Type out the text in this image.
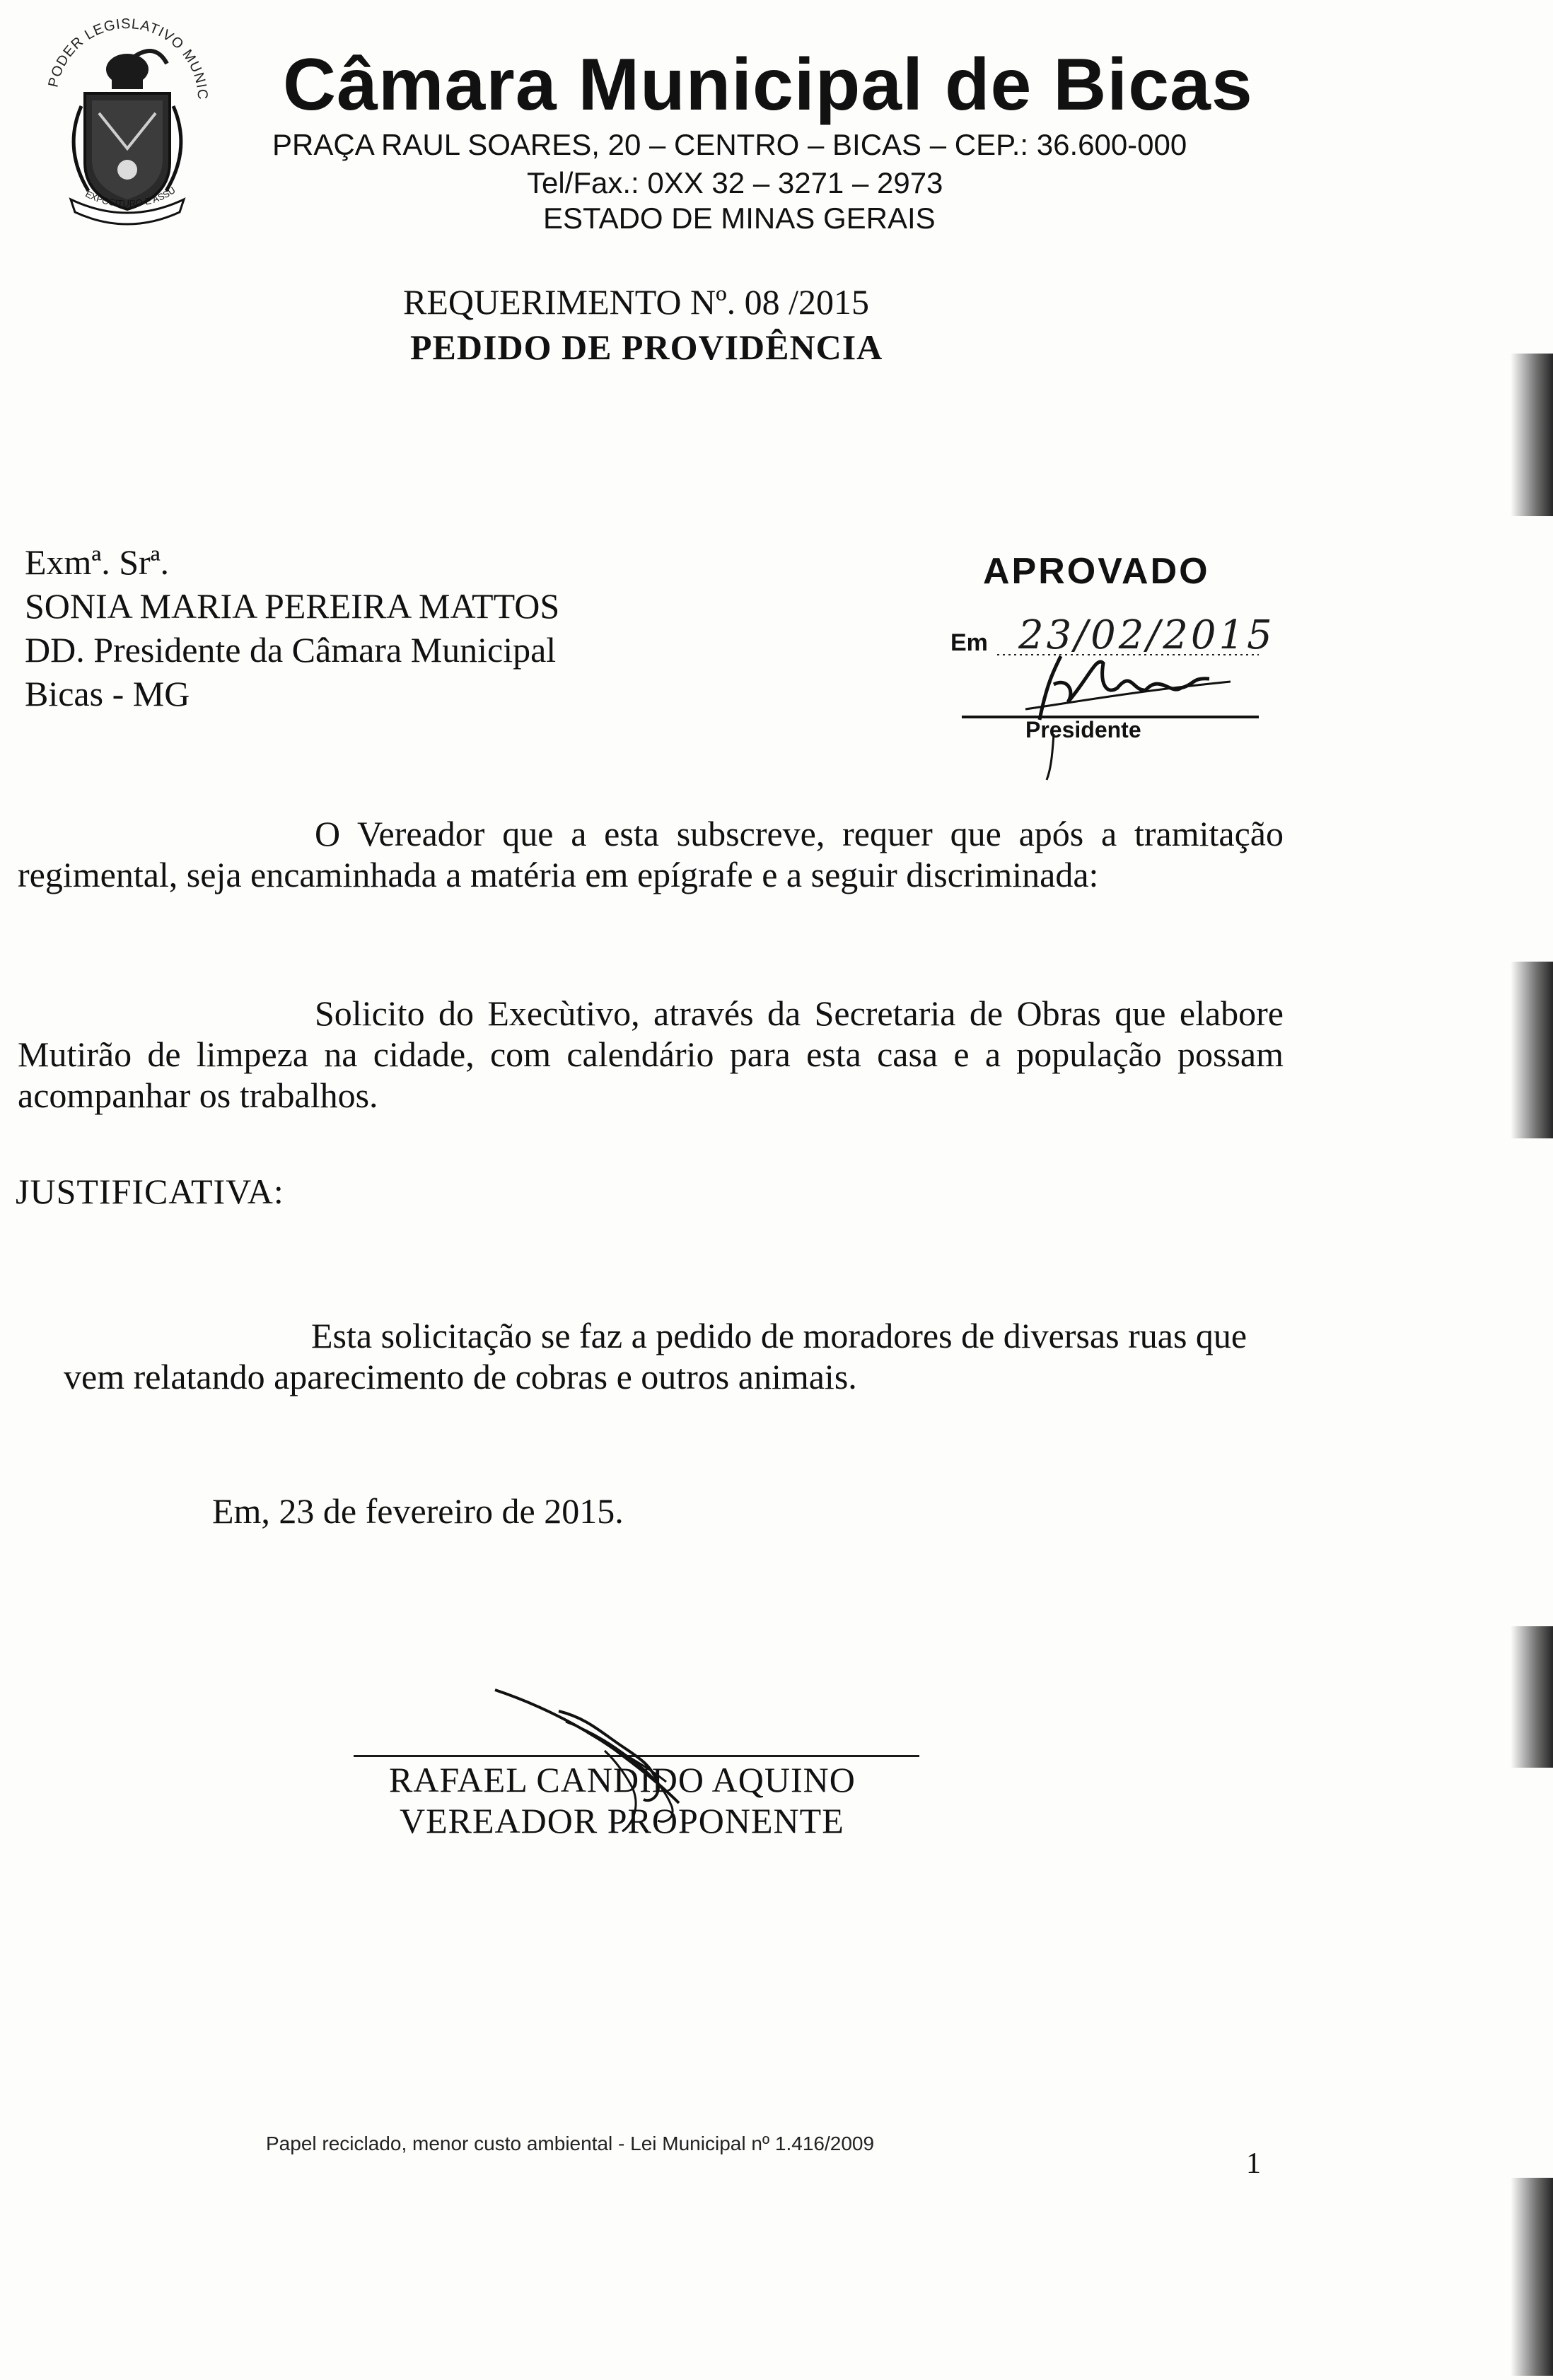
PODER LEGISLATIVO MUNIC
EXPOSITURO E ASSU
Câmara Municipal de Bicas
PRAÇA RAUL SOARES, 20 – CENTRO – BICAS – CEP.: 36.600-000
Tel/Fax.: 0XX 32 – 3271 – 2973
ESTADO DE MINAS GERAIS
REQUERIMENTO Nº. 08 /2015
PEDIDO DE PROVIDÊNCIA
Exmª. Srª.
SONIA MARIA PEREIRA MATTOS
DD. Presidente da Câmara Municipal
Bicas - MG
APROVADO
Em 23/02/2015
Presidente
O Vereador que a esta subscreve, requer que após a tramitação regimental, seja encaminhada a matéria em epígrafe e a seguir discriminada:
Solicito do Execùtivo, através da Secretaria de Obras que elabore Mutirão de limpeza na cidade, com calendário para esta casa e a população possam acompanhar os trabalhos.
JUSTIFICATIVA:
Esta solicitação se faz a pedido de moradores de diversas ruas que vem relatando aparecimento de cobras e outros animais.
Em, 23 de fevereiro de 2015.
RAFAEL CANDIDO AQUINO
VEREADOR PROPONENTE
Papel reciclado, menor custo ambiental - Lei Municipal nº 1.416/2009
1
